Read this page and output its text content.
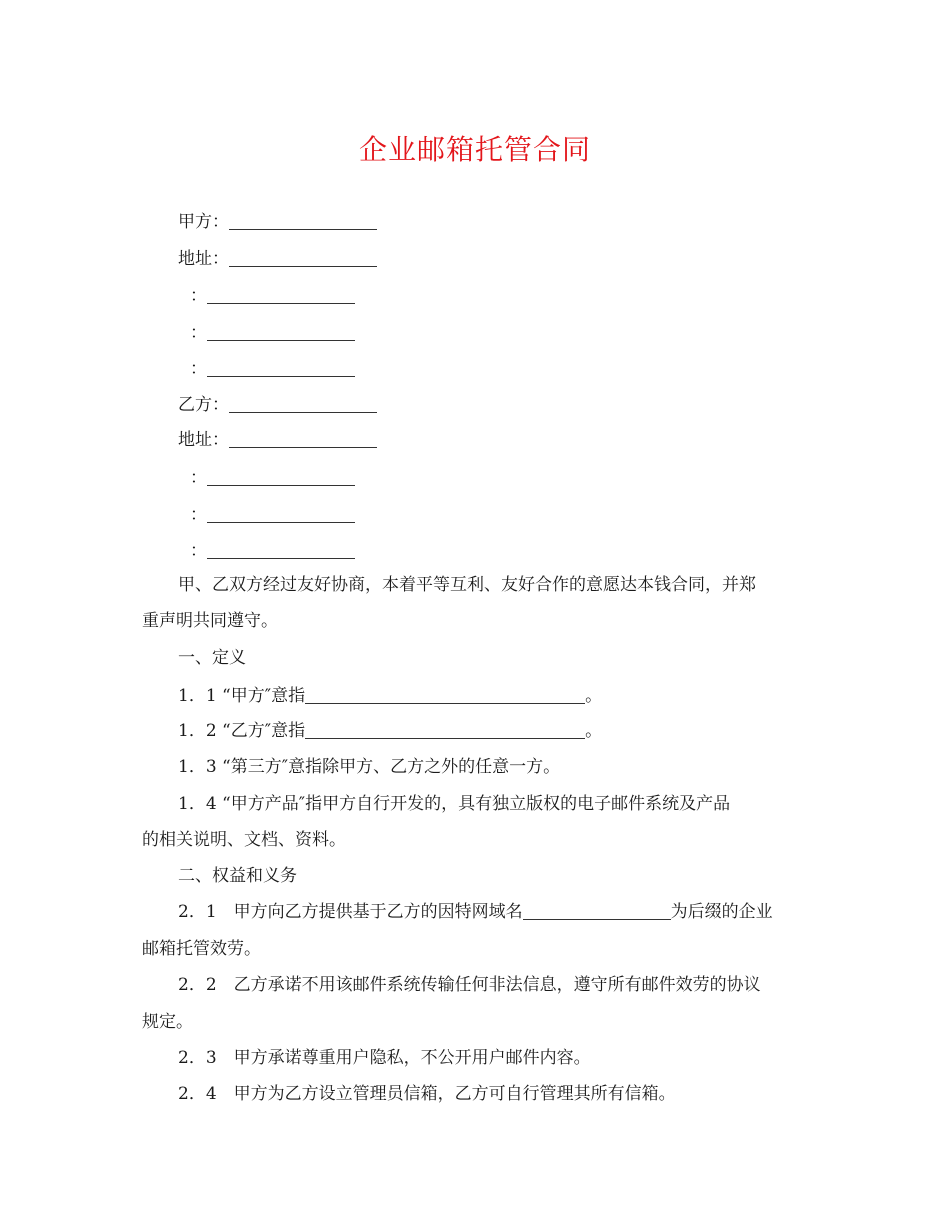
企业邮箱托管合同
甲方：
地址：
：
：
：
乙方：
地址：
：
：
：
甲、乙双方经过友好协商，本着平等互利、友好合作的意愿达本钱合同，并郑
重声明共同遵守。
一、定义
1．1 “甲方″意指	。
1．2 “乙方″意指	。
1．3 “第三方″意指除甲方、乙方之外的任意一方。
1．4 “甲方产品″指甲方自行开发的，具有独立版权的电子邮件系统及产品
的相关说明、文档、资料。
二、权益和义务
2．1　甲方向乙方提供基于乙方的因特网域名	为后缀的企业
邮箱托管效劳。
2．2　乙方承诺不用该邮件系统传输任何非法信息，遵守所有邮件效劳的协议
规定。
2．3　甲方承诺尊重用户隐私，不公开用户邮件内容。
2．4　甲方为乙方设立管理员信箱，乙方可自行管理其所有信箱。
